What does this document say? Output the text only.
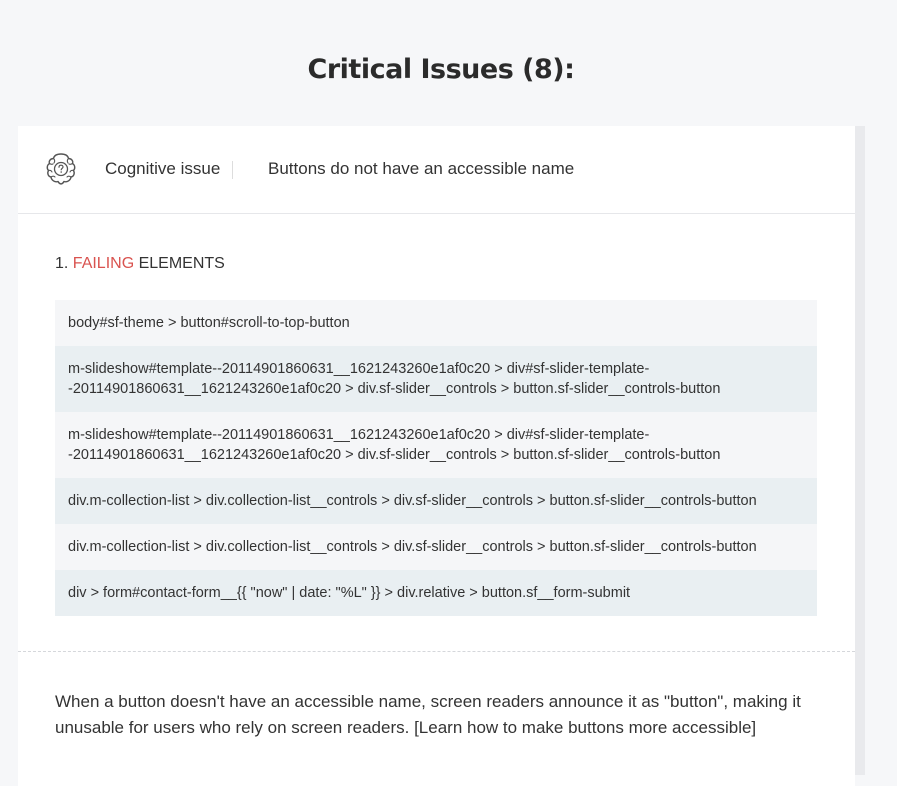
Critical Issues (8):
Cognitive issue	Buttons do not have an accessible name
1. FAILING ELEMENTS
body#sf-theme > button#scroll-to-top-button
m-slideshow#template--20114901860631__1621243260e1af0c20 > div#sf-slider-template--20114901860631__1621243260e1af0c20 > div.sf-slider__controls > button.sf-slider__controls-button
m-slideshow#template--20114901860631__1621243260e1af0c20 > div#sf-slider-template--20114901860631__1621243260e1af0c20 > div.sf-slider__controls > button.sf-slider__controls-button
div.m-collection-list > div.collection-list__controls > div.sf-slider__controls > button.sf-slider__controls-button
div.m-collection-list > div.collection-list__controls > div.sf-slider__controls > button.sf-slider__controls-button
div > form#contact-form__{{ "now" | date: "%L" }} > div.relative > button.sf__form-submit

When a button doesn't have an accessible name, screen readers announce it as "button", making it unusable for users who rely on screen readers. [Learn how to make buttons more accessible]
